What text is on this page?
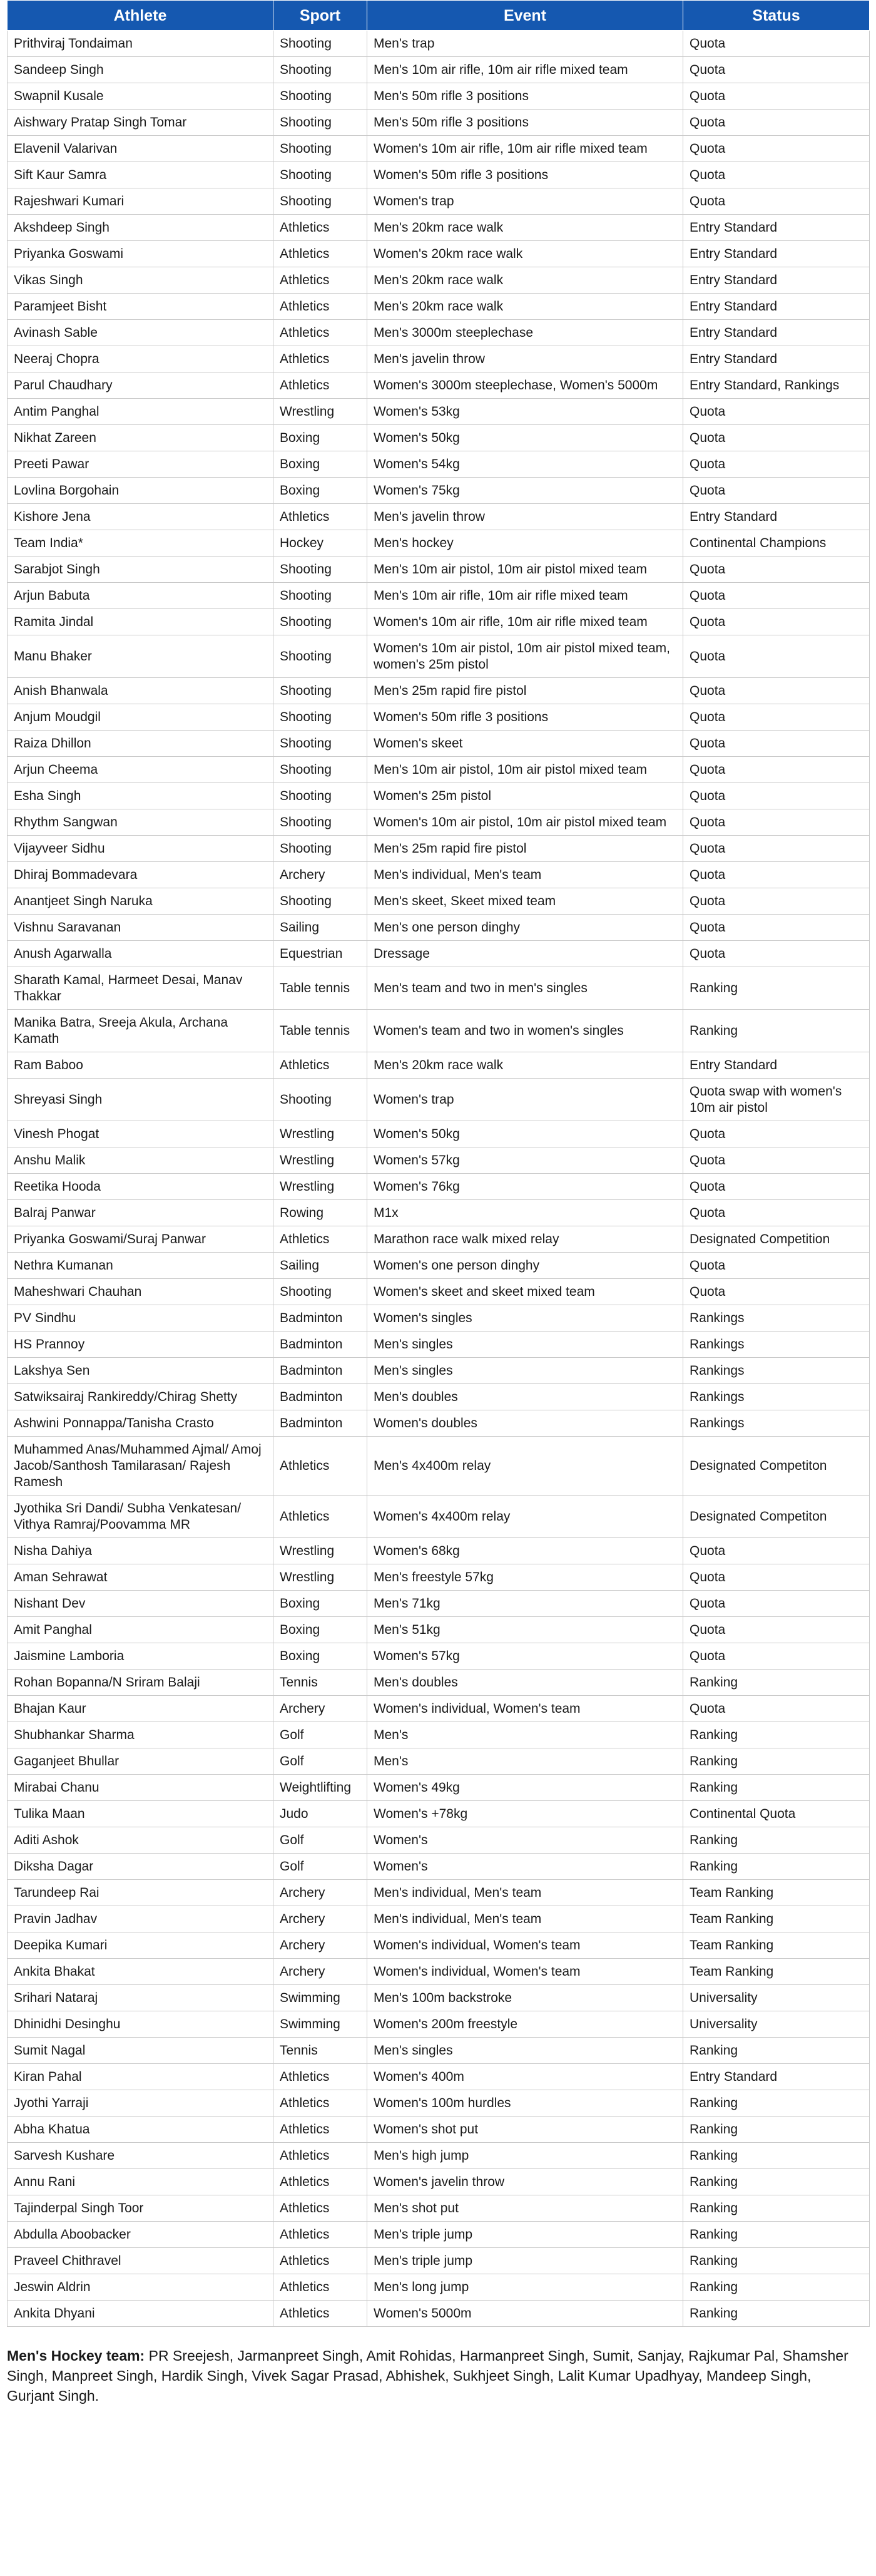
Athlete	Sport	Event	Status
Prithviraj Tondaiman	Shooting	Men's trap	Quota
Sandeep Singh	Shooting	Men's 10m air rifle, 10m air rifle mixed team	Quota
Swapnil Kusale	Shooting	Men's 50m rifle 3 positions	Quota
Aishwary Pratap Singh Tomar	Shooting	Men's 50m rifle 3 positions	Quota
Elavenil Valarivan	Shooting	Women's 10m air rifle, 10m air rifle mixed team	Quota
Sift Kaur Samra	Shooting	Women's 50m rifle 3 positions	Quota
Rajeshwari Kumari	Shooting	Women's trap	Quota
Akshdeep Singh	Athletics	Men's 20km race walk	Entry Standard
Priyanka Goswami	Athletics	Women's 20km race walk	Entry Standard
Vikas Singh	Athletics	Men's 20km race walk	Entry Standard
Paramjeet Bisht	Athletics	Men's 20km race walk	Entry Standard
Avinash Sable	Athletics	Men's 3000m steeplechase	Entry Standard
Neeraj Chopra	Athletics	Men's javelin throw	Entry Standard
Parul Chaudhary	Athletics	Women's 3000m steeplechase, Women's 5000m	Entry Standard, Rankings
Antim Panghal	Wrestling	Women's 53kg	Quota
Nikhat Zareen	Boxing	Women's 50kg	Quota
Preeti Pawar	Boxing	Women's 54kg	Quota
Lovlina Borgohain	Boxing	Women's 75kg	Quota
Kishore Jena	Athletics	Men's javelin throw	Entry Standard
Team India*	Hockey	Men's hockey	Continental Champions
Sarabjot Singh	Shooting	Men's 10m air pistol, 10m air pistol mixed team	Quota
Arjun Babuta	Shooting	Men's 10m air rifle, 10m air rifle mixed team	Quota
Ramita Jindal	Shooting	Women's 10m air rifle, 10m air rifle mixed team	Quota
Manu Bhaker	Shooting	Women's 10m air pistol, 10m air pistol mixed team, women's 25m pistol	Quota
Anish Bhanwala	Shooting	Men's 25m rapid fire pistol	Quota
Anjum Moudgil	Shooting	Women's 50m rifle 3 positions	Quota
Raiza Dhillon	Shooting	Women's skeet	Quota
Arjun Cheema	Shooting	Men's 10m air pistol, 10m air pistol mixed team	Quota
Esha Singh	Shooting	Women's 25m pistol	Quota
Rhythm Sangwan	Shooting	Women's 10m air pistol, 10m air pistol mixed team	Quota
Vijayveer Sidhu	Shooting	Men's 25m rapid fire pistol	Quota
Dhiraj Bommadevara	Archery	Men's individual, Men's team	Quota
Anantjeet Singh Naruka	Shooting	Men's skeet, Skeet mixed team	Quota
Vishnu Saravanan	Sailing	Men's one person dinghy	Quota
Anush Agarwalla	Equestrian	Dressage	Quota
Sharath Kamal, Harmeet Desai, Manav Thakkar	Table tennis	Men's team and two in men's singles	Ranking
Manika Batra, Sreeja Akula, Archana Kamath	Table tennis	Women's team and two in women's singles	Ranking
Ram Baboo	Athletics	Men's 20km race walk	Entry Standard
Shreyasi Singh	Shooting	Women's trap	Quota swap with women's 10m air pistol
Vinesh Phogat	Wrestling	Women's 50kg	Quota
Anshu Malik	Wrestling	Women's 57kg	Quota
Reetika Hooda	Wrestling	Women's 76kg	Quota
Balraj Panwar	Rowing	M1x	Quota
Priyanka Goswami/Suraj Panwar	Athletics	Marathon race walk mixed relay	Designated Competition
Nethra Kumanan	Sailing	Women's one person dinghy	Quota
Maheshwari Chauhan	Shooting	Women's skeet and skeet mixed team	Quota
PV Sindhu	Badminton	Women's singles	Rankings
HS Prannoy	Badminton	Men's singles	Rankings
Lakshya Sen	Badminton	Men's singles	Rankings
Satwiksairaj Rankireddy/Chirag Shetty	Badminton	Men's doubles	Rankings
Ashwini Ponnappa/Tanisha Crasto	Badminton	Women's doubles	Rankings
Muhammed Anas/Muhammed Ajmal/ Amoj Jacob/Santhosh Tamilarasan/ Rajesh Ramesh	Athletics	Men's 4x400m relay	Designated Competiton
Jyothika Sri Dandi/ Subha Venkatesan/ Vithya Ramraj/Poovamma MR	Athletics	Women's 4x400m relay	Designated Competiton
Nisha Dahiya	Wrestling	Women's 68kg	Quota
Aman Sehrawat	Wrestling	Men's freestyle 57kg	Quota
Nishant Dev	Boxing	Men's 71kg	Quota
Amit Panghal	Boxing	Men's 51kg	Quota
Jaismine Lamboria	Boxing	Women's 57kg	Quota
Rohan Bopanna/N Sriram Balaji	Tennis	Men's doubles	Ranking
Bhajan Kaur	Archery	Women's individual, Women's team	Quota
Shubhankar Sharma	Golf	Men's	Ranking
Gaganjeet Bhullar	Golf	Men's	Ranking
Mirabai Chanu	Weightlifting	Women's 49kg	Ranking
Tulika Maan	Judo	Women's +78kg	Continental Quota
Aditi Ashok	Golf	Women's	Ranking
Diksha Dagar	Golf	Women's	Ranking
Tarundeep Rai	Archery	Men's individual, Men's team	Team Ranking
Pravin Jadhav	Archery	Men's individual, Men's team	Team Ranking
Deepika Kumari	Archery	Women's individual, Women's team	Team Ranking
Ankita Bhakat	Archery	Women's individual, Women's team	Team Ranking
Srihari Nataraj	Swimming	Men's 100m backstroke	Universality
Dhinidhi Desinghu	Swimming	Women's 200m freestyle	Universality
Sumit Nagal	Tennis	Men's singles	Ranking
Kiran Pahal	Athletics	Women's 400m	Entry Standard
Jyothi Yarraji	Athletics	Women's 100m hurdles	Ranking
Abha Khatua	Athletics	Women's shot put	Ranking
Sarvesh Kushare	Athletics	Men's high jump	Ranking
Annu Rani	Athletics	Women's javelin throw	Ranking
Tajinderpal Singh Toor	Athletics	Men's shot put	Ranking
Abdulla Aboobacker	Athletics	Men's triple jump	Ranking
Praveel Chithravel	Athletics	Men's triple jump	Ranking
Jeswin Aldrin	Athletics	Men's long jump	Ranking
Ankita Dhyani	Athletics	Women's 5000m	Ranking

Men's Hockey team: PR Sreejesh, Jarmanpreet Singh, Amit Rohidas, Harmanpreet Singh, Sumit, Sanjay, Rajkumar Pal, Shamsher Singh, Manpreet Singh, Hardik Singh, Vivek Sagar Prasad, Abhishek, Sukhjeet Singh, Lalit Kumar Upadhyay, Mandeep Singh, Gurjant Singh.
